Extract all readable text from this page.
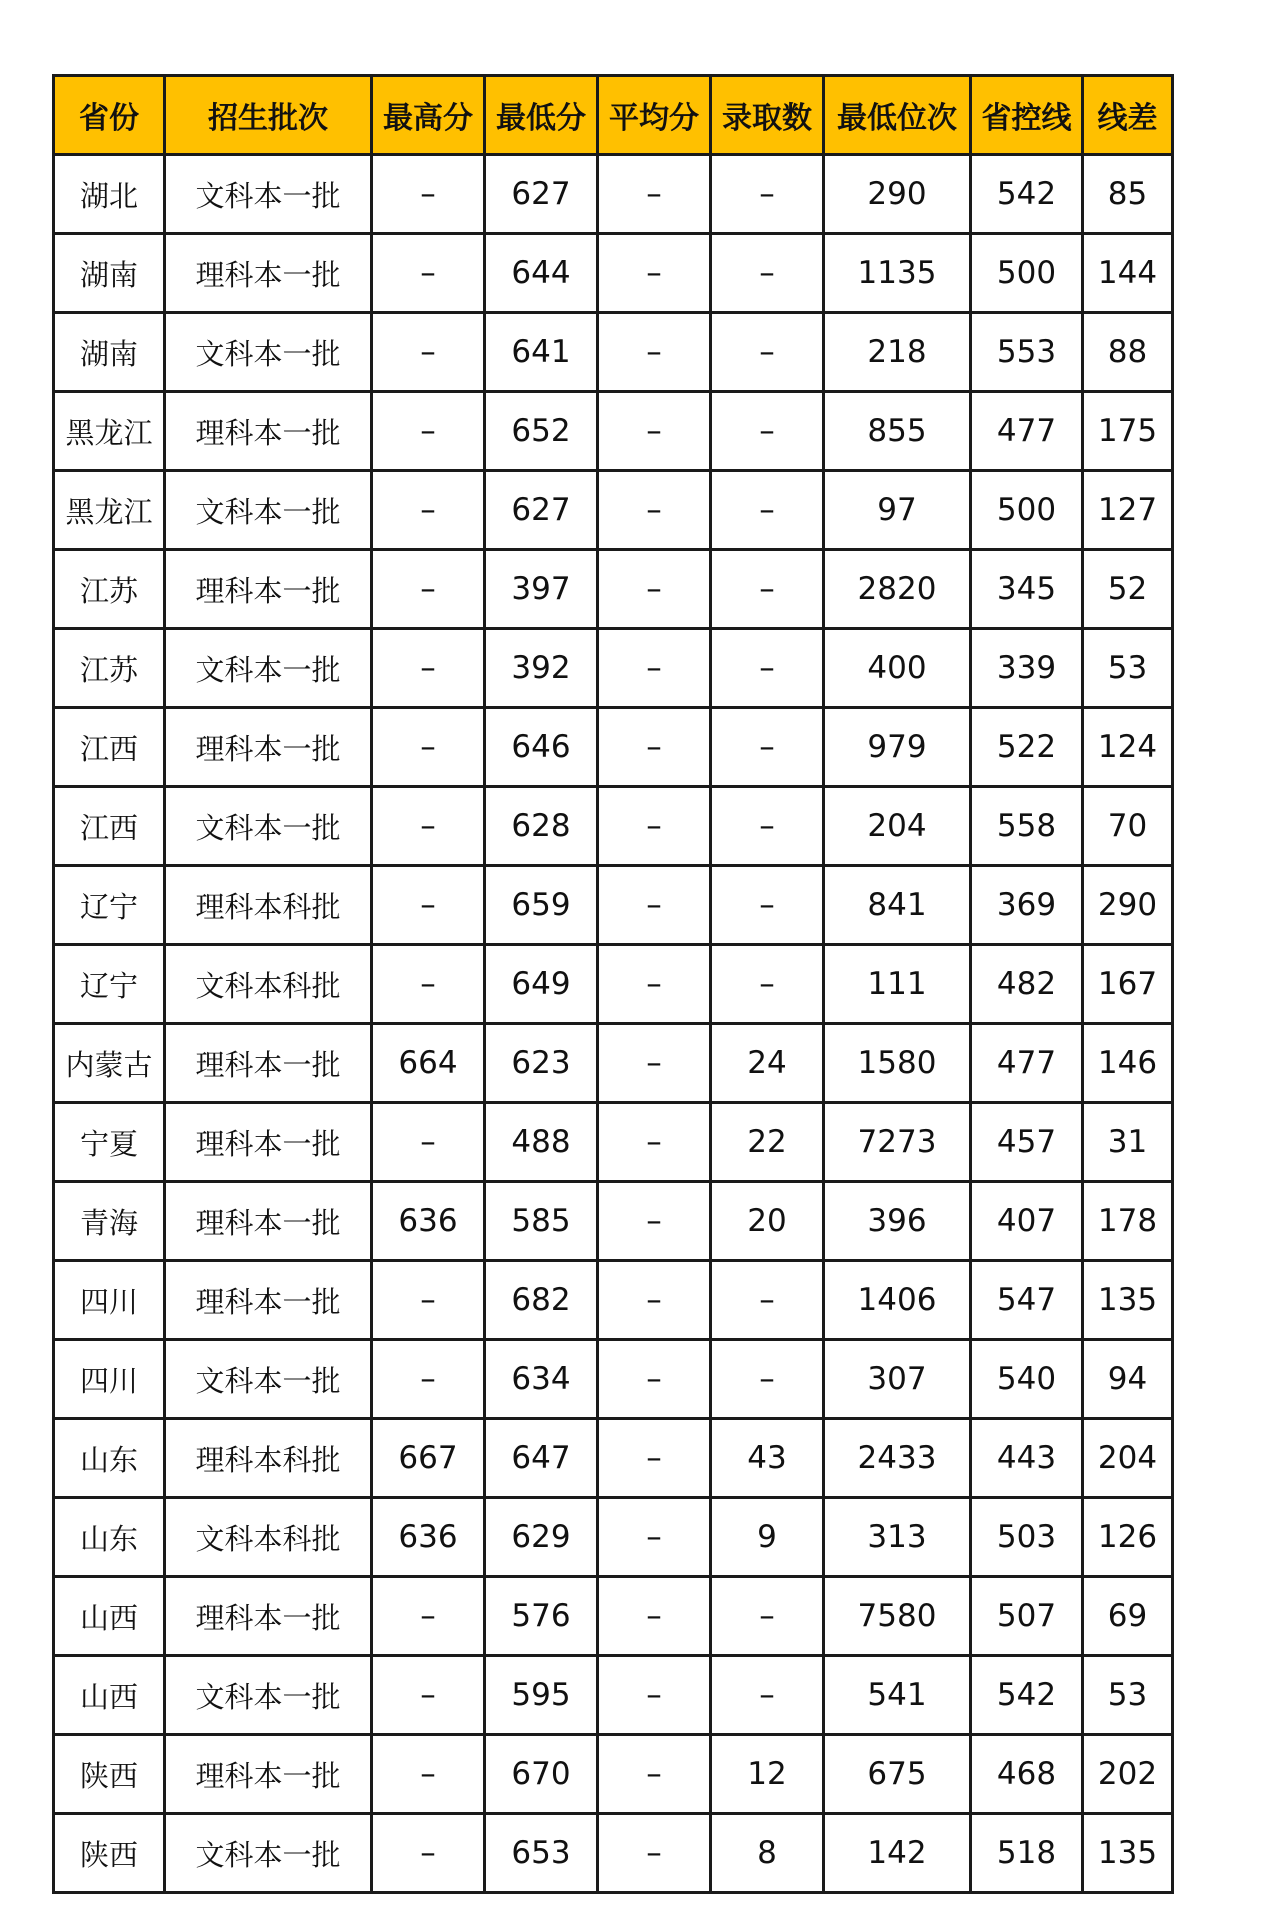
省份	招生批次	最高分	最低分	平均分	录取数	最低位次	省控线	线差
湖北	文科本一批	–	627	–	–	290	542	85
湖南	理科本一批	–	644	–	–	1135	500	144
湖南	文科本一批	–	641	–	–	218	553	88
黑龙江	理科本一批	–	652	–	–	855	477	175
黑龙江	文科本一批	–	627	–	–	97	500	127
江苏	理科本一批	–	397	–	–	2820	345	52
江苏	文科本一批	–	392	–	–	400	339	53
江西	理科本一批	–	646	–	–	979	522	124
江西	文科本一批	–	628	–	–	204	558	70
辽宁	理科本科批	–	659	–	–	841	369	290
辽宁	文科本科批	–	649	–	–	111	482	167
内蒙古	理科本一批	664	623	–	24	1580	477	146
宁夏	理科本一批	–	488	–	22	7273	457	31
青海	理科本一批	636	585	–	20	396	407	178
四川	理科本一批	–	682	–	–	1406	547	135
四川	文科本一批	–	634	–	–	307	540	94
山东	理科本科批	667	647	–	43	2433	443	204
山东	文科本科批	636	629	–	9	313	503	126
山西	理科本一批	–	576	–	–	7580	507	69
山西	文科本一批	–	595	–	–	541	542	53
陕西	理科本一批	–	670	–	12	675	468	202
陕西	文科本一批	–	653	–	8	142	518	135
